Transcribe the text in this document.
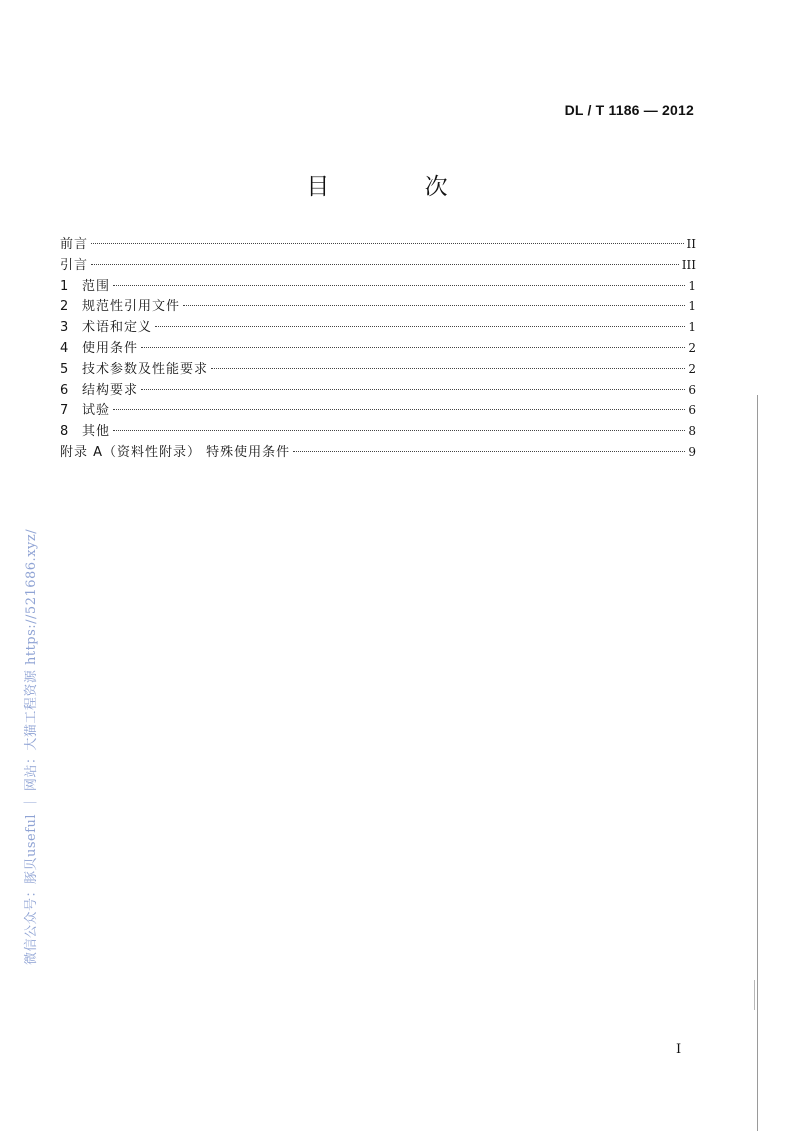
DL / T 1186 — 2012
目 次
前言	II
引言	III
1	范围	1
2	规范性引用文件	1
3	术语和定义	1
4	使用条件	2
5	技术参数及性能要求	2
6	结构要求	6
7	试验	6
8	其他	8
附录 A（资料性附录） 特殊使用条件	9
微信公众号：豚贝useful ｜ 网站：大猫工程资源 https://521686.xyz/
I
